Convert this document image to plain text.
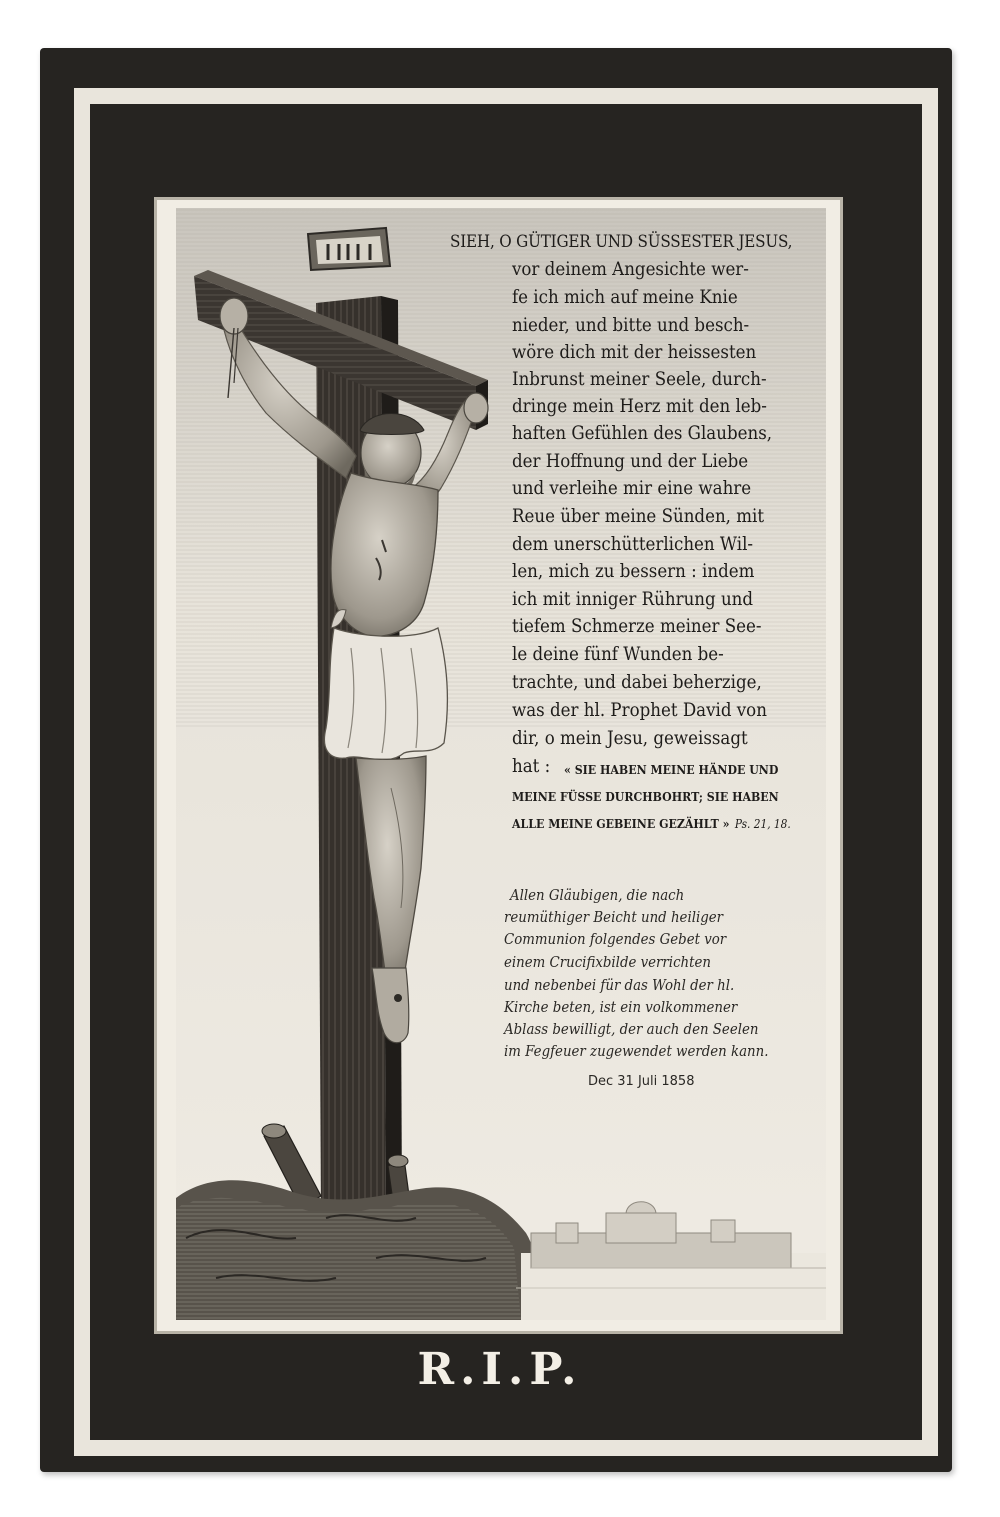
SIEH, O GÜTIGER UND SÜSSESTER JESUS,
vor deinem Angesichte wer-
fe ich mich auf meine Knie
nieder, und bitte und besch-
wöre dich mit der heissesten
Inbrunst meiner Seele, durch-
dringe mein Herz mit den leb-
haften Gefühlen des Glaubens,
der Hoffnung und der Liebe
und verleihe mir eine wahre
Reue über meine Sünden, mit
dem unerschütterlichen Wil-
len, mich zu bessern : indem
ich mit inniger Rührung und
tiefem Schmerze meiner See-
le deine fünf Wunden be-
trachte, und dabei beherzige,
was der hl. Prophet David von
dir, o mein Jesu, geweissagt
hat : « SIE HABEN MEINE HÄNDE UND
MEINE FÜSSE DURCHBOHRT; SIE HABEN
ALLE MEINE GEBEINE GEZÄHLT » Ps. 21, 18.
Allen Gläubigen, die nach
reumüthiger Beicht und heiliger
Communion folgendes Gebet vor
einem Crucifixbilde verrichten
und nebenbei für das Wohl der hl.
Kirche beten, ist ein volkommener
Ablass bewilligt, der auch den Seelen
im Fegfeuer zugewendet werden kann.
Dec 31 Juli 1858
R.I.P.
